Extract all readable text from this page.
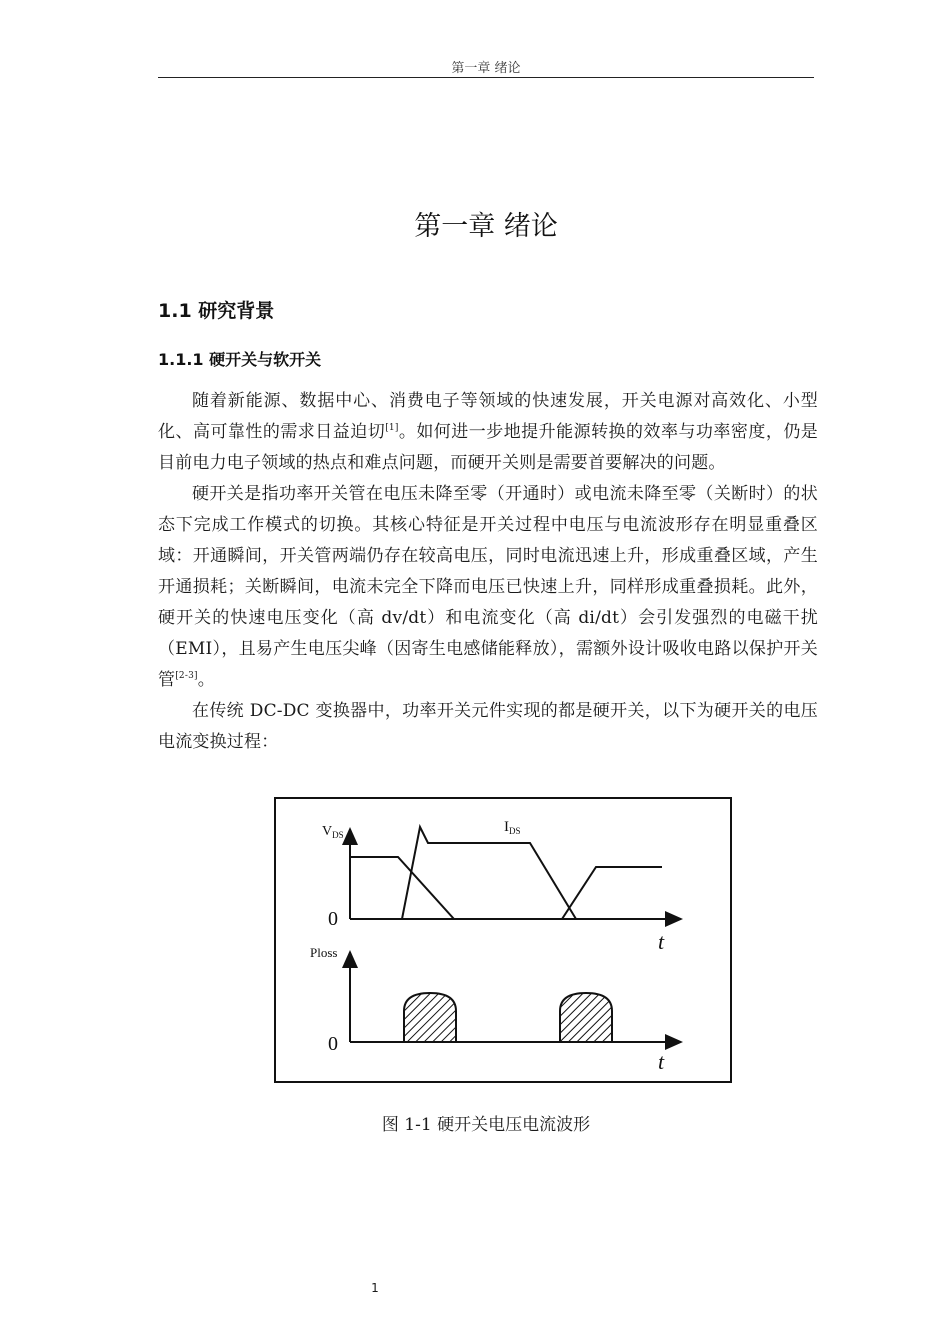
第一章 绪论
第一章 绪论
1.1 研究背景
1.1.1 硬开关与软开关

随着新能源、数据中心、消费电子等领域的快速发展，开关电源对高效化、小型化、高可靠性的需求日益迫切[1]。如何进一步地提升能源转换的效率与功率密度，仍是目前电力电子领域的热点和难点问题，而硬开关则是需要首要解决的问题。

硬开关是指功率开关管在电压未降至零（开通时）或电流未降至零（关断时）的状态下完成工作模式的切换。其核心特征是开关过程中电压与电流波形存在明显重叠区域：开通瞬间，开关管两端仍存在较高电压，同时电流迅速上升，形成重叠区域，产生开通损耗；关断瞬间，电流未完全下降而电压已快速上升，同样形成重叠损耗。此外，硬开关的快速电压变化（高 dv/dt）和电流变化（高 di/dt）会引发强烈的电磁干扰（EMI），且易产生电压尖峰（因寄生电感储能释放），需额外设计吸收电路以保护开关管[2-3]。

在传统 DC-DC 变换器中，功率开关元件实现的都是硬开关，以下为硬开关的电压电流变换过程：

$V_{DS}$	$I_{DS}$
0
t
Ploss
0
t
图 1-1 硬开关电压电流波形
1
